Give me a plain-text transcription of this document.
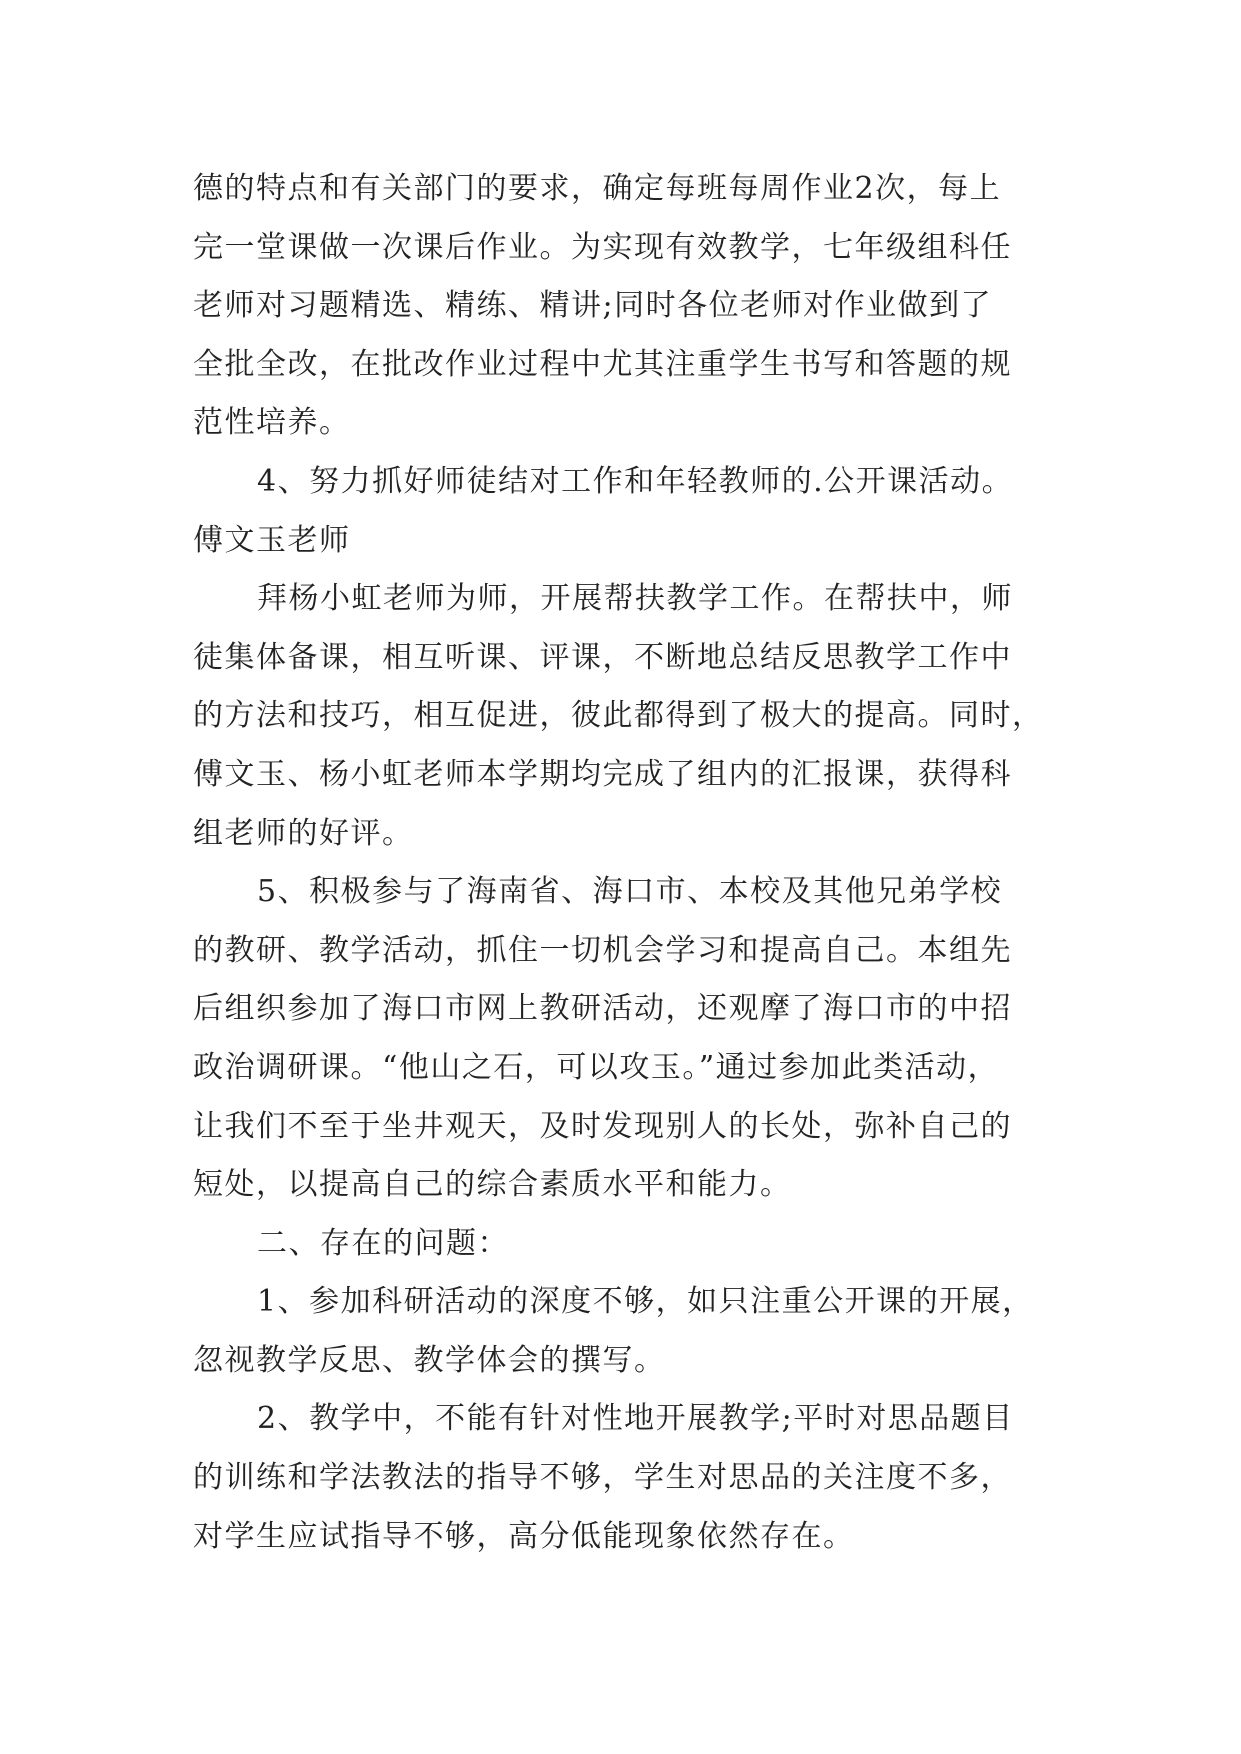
德的特点和有关部门的要求，确定每班每周作业2次，每上
完一堂课做一次课后作业。为实现有效教学，七年级组科任
老师对习题精选、精练、精讲;同时各位老师对作业做到了
全批全改，在批改作业过程中尤其注重学生书写和答题的规
范性培养。
4、努力抓好师徒结对工作和年轻教师的.公开课活动。
傅文玉老师
拜杨小虹老师为师，开展帮扶教学工作。在帮扶中，师
徒集体备课，相互听课、评课，不断地总结反思教学工作中
的方法和技巧，相互促进，彼此都得到了极大的提高。同时，
傅文玉、杨小虹老师本学期均完成了组内的汇报课，获得科
组老师的好评。
5、积极参与了海南省、海口市、本校及其他兄弟学校
的教研、教学活动，抓住一切机会学习和提高自己。本组先
后组织参加了海口市网上教研活动，还观摩了海口市的中招
政治调研课。“他山之石，可以攻玉。”通过参加此类活动，
让我们不至于坐井观天，及时发现别人的长处，弥补自己的
短处，以提高自己的综合素质水平和能力。
二、存在的问题：
1、参加科研活动的深度不够，如只注重公开课的开展，
忽视教学反思、教学体会的撰写。
2、教学中，不能有针对性地开展教学;平时对思品题目
的训练和学法教法的指导不够，学生对思品的关注度不多，
对学生应试指导不够，高分低能现象依然存在。
